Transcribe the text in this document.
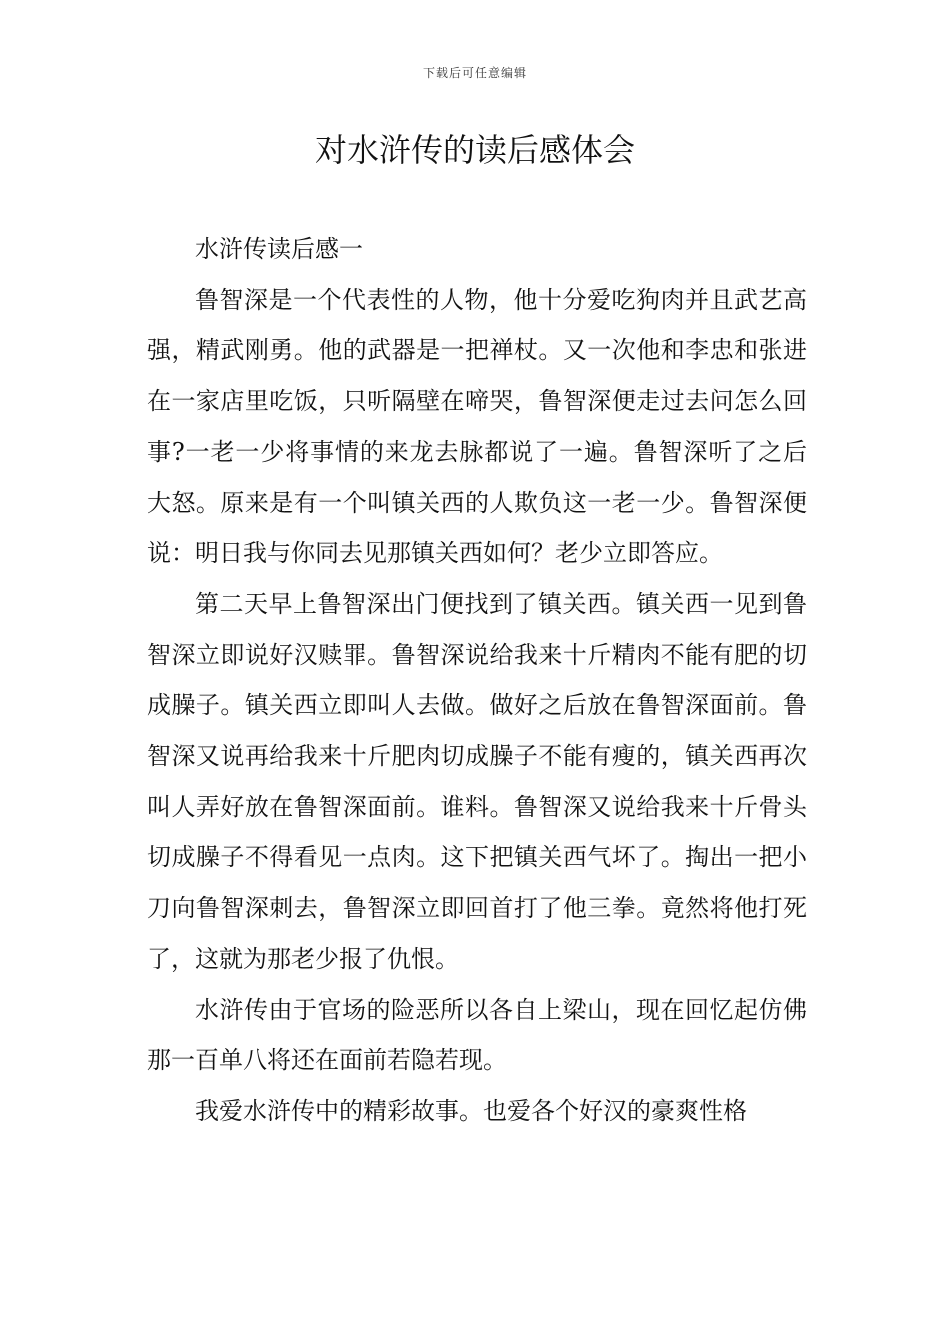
下载后可任意编辑
对水浒传的读后感体会

水浒传读后感一

鲁智深是一个代表性的人物，他十分爱吃狗肉并且武艺高强，精武刚勇。他的武器是一把禅杖。又一次他和李忠和张进在一家店里吃饭，只听隔壁在啼哭，鲁智深便走过去问怎么回事?一老一少将事情的来龙去脉都说了一遍。鲁智深听了之后大怒。原来是有一个叫镇关西的人欺负这一老一少。鲁智深便说：明日我与你同去见那镇关西如何？老少立即答应。

第二天早上鲁智深出门便找到了镇关西。镇关西一见到鲁智深立即说好汉赎罪。鲁智深说给我来十斤精肉不能有肥的切成臊子。镇关西立即叫人去做。做好之后放在鲁智深面前。鲁智深又说再给我来十斤肥肉切成臊子不能有瘦的，镇关西再次叫人弄好放在鲁智深面前。谁料。鲁智深又说给我来十斤骨头切成臊子不得看见一点肉。这下把镇关西气坏了。掏出一把小刀向鲁智深刺去，鲁智深立即回首打了他三拳。竟然将他打死了，这就为那老少报了仇恨。

水浒传由于官场的险恶所以各自上梁山，现在回忆起仿佛那一百单八将还在面前若隐若现。

我爱水浒传中的精彩故事。也爱各个好汉的豪爽性格
